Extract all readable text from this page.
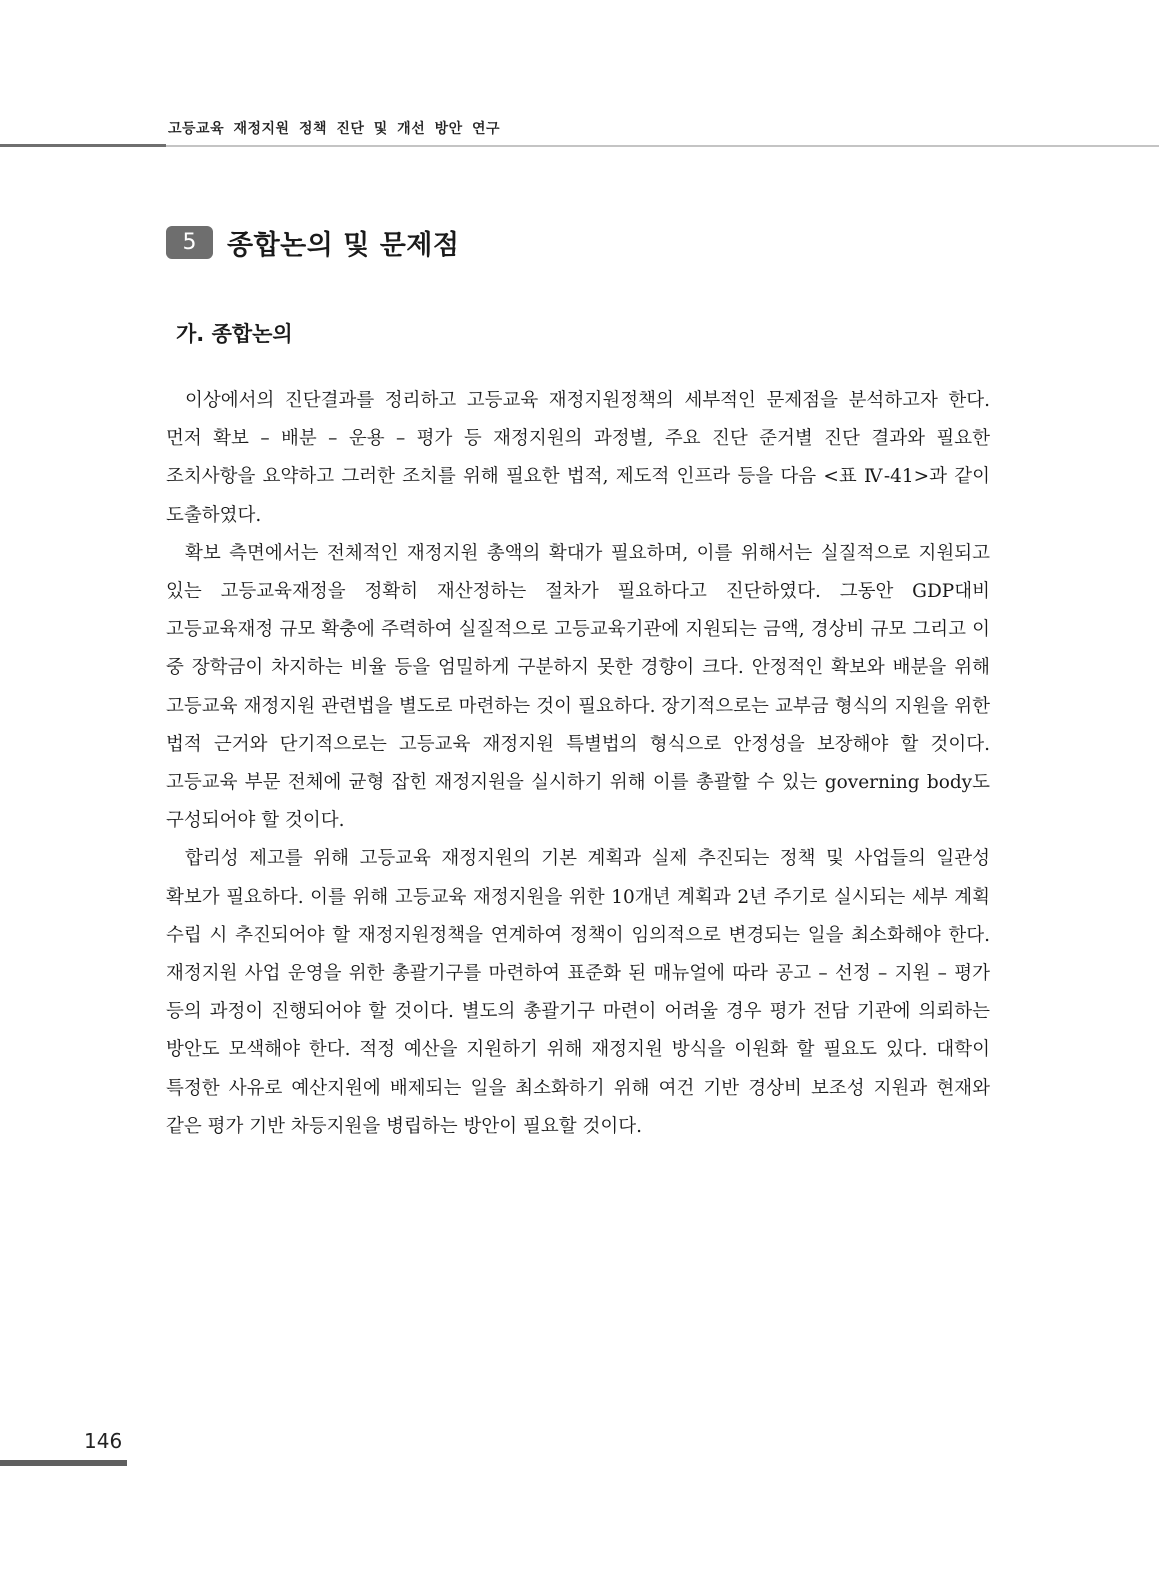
고등교육 재정지원 정책 진단 및 개선 방안 연구
5	종합논의 및 문제점
가. 종합논의

이상에서의 진단결과를 정리하고 고등교육 재정지원정책의 세부적인 문제점을 분석하고자 한다. 먼저 확보 – 배분 – 운용 – 평가 등 재정지원의 과정별, 주요 진단 준거별 진단 결과와 필요한 조치사항을 요약하고 그러한 조치를 위해 필요한 법적, 제도적 인프라 등을 다음 <표 Ⅳ-41>과 같이 도출하였다.

확보 측면에서는 전체적인 재정지원 총액의 확대가 필요하며, 이를 위해서는 실질적으로 지원되고 있는 고등교육재정을 정확히 재산정하는 절차가 필요하다고 진단하였다. 그동안 GDP대비 고등교육재정 규모 확충에 주력하여 실질적으로 고등교육기관에 지원되는 금액, 경상비 규모 그리고 이 중 장학금이 차지하는 비율 등을 엄밀하게 구분하지 못한 경향이 크다. 안정적인 확보와 배분을 위해 고등교육 재정지원 관련법을 별도로 마련하는 것이 필요하다. 장기적으로는 교부금 형식의 지원을 위한 법적 근거와 단기적으로는 고등교육 재정지원 특별법의 형식으로 안정성을 보장해야 할 것이다. 고등교육 부문 전체에 균형 잡힌 재정지원을 실시하기 위해 이를 총괄할 수 있는 governing body도 구성되어야 할 것이다.

합리성 제고를 위해 고등교육 재정지원의 기본 계획과 실제 추진되는 정책 및 사업들의 일관성 확보가 필요하다. 이를 위해 고등교육 재정지원을 위한 10개년 계획과 2년 주기로 실시되는 세부 계획 수립 시 추진되어야 할 재정지원정책을 연계하여 정책이 임의적으로 변경되는 일을 최소화해야 한다. 재정지원 사업 운영을 위한 총괄기구를 마련하여 표준화 된 매뉴얼에 따라 공고 – 선정 – 지원 – 평가 등의 과정이 진행되어야 할 것이다. 별도의 총괄기구 마련이 어려울 경우 평가 전담 기관에 의뢰하는 방안도 모색해야 한다. 적정 예산을 지원하기 위해 재정지원 방식을 이원화 할 필요도 있다. 대학이 특정한 사유로 예산지원에 배제되는 일을 최소화하기 위해 여건 기반 경상비 보조성 지원과 현재와 같은 평가 기반 차등지원을 병립하는 방안이 필요할 것이다.

146
